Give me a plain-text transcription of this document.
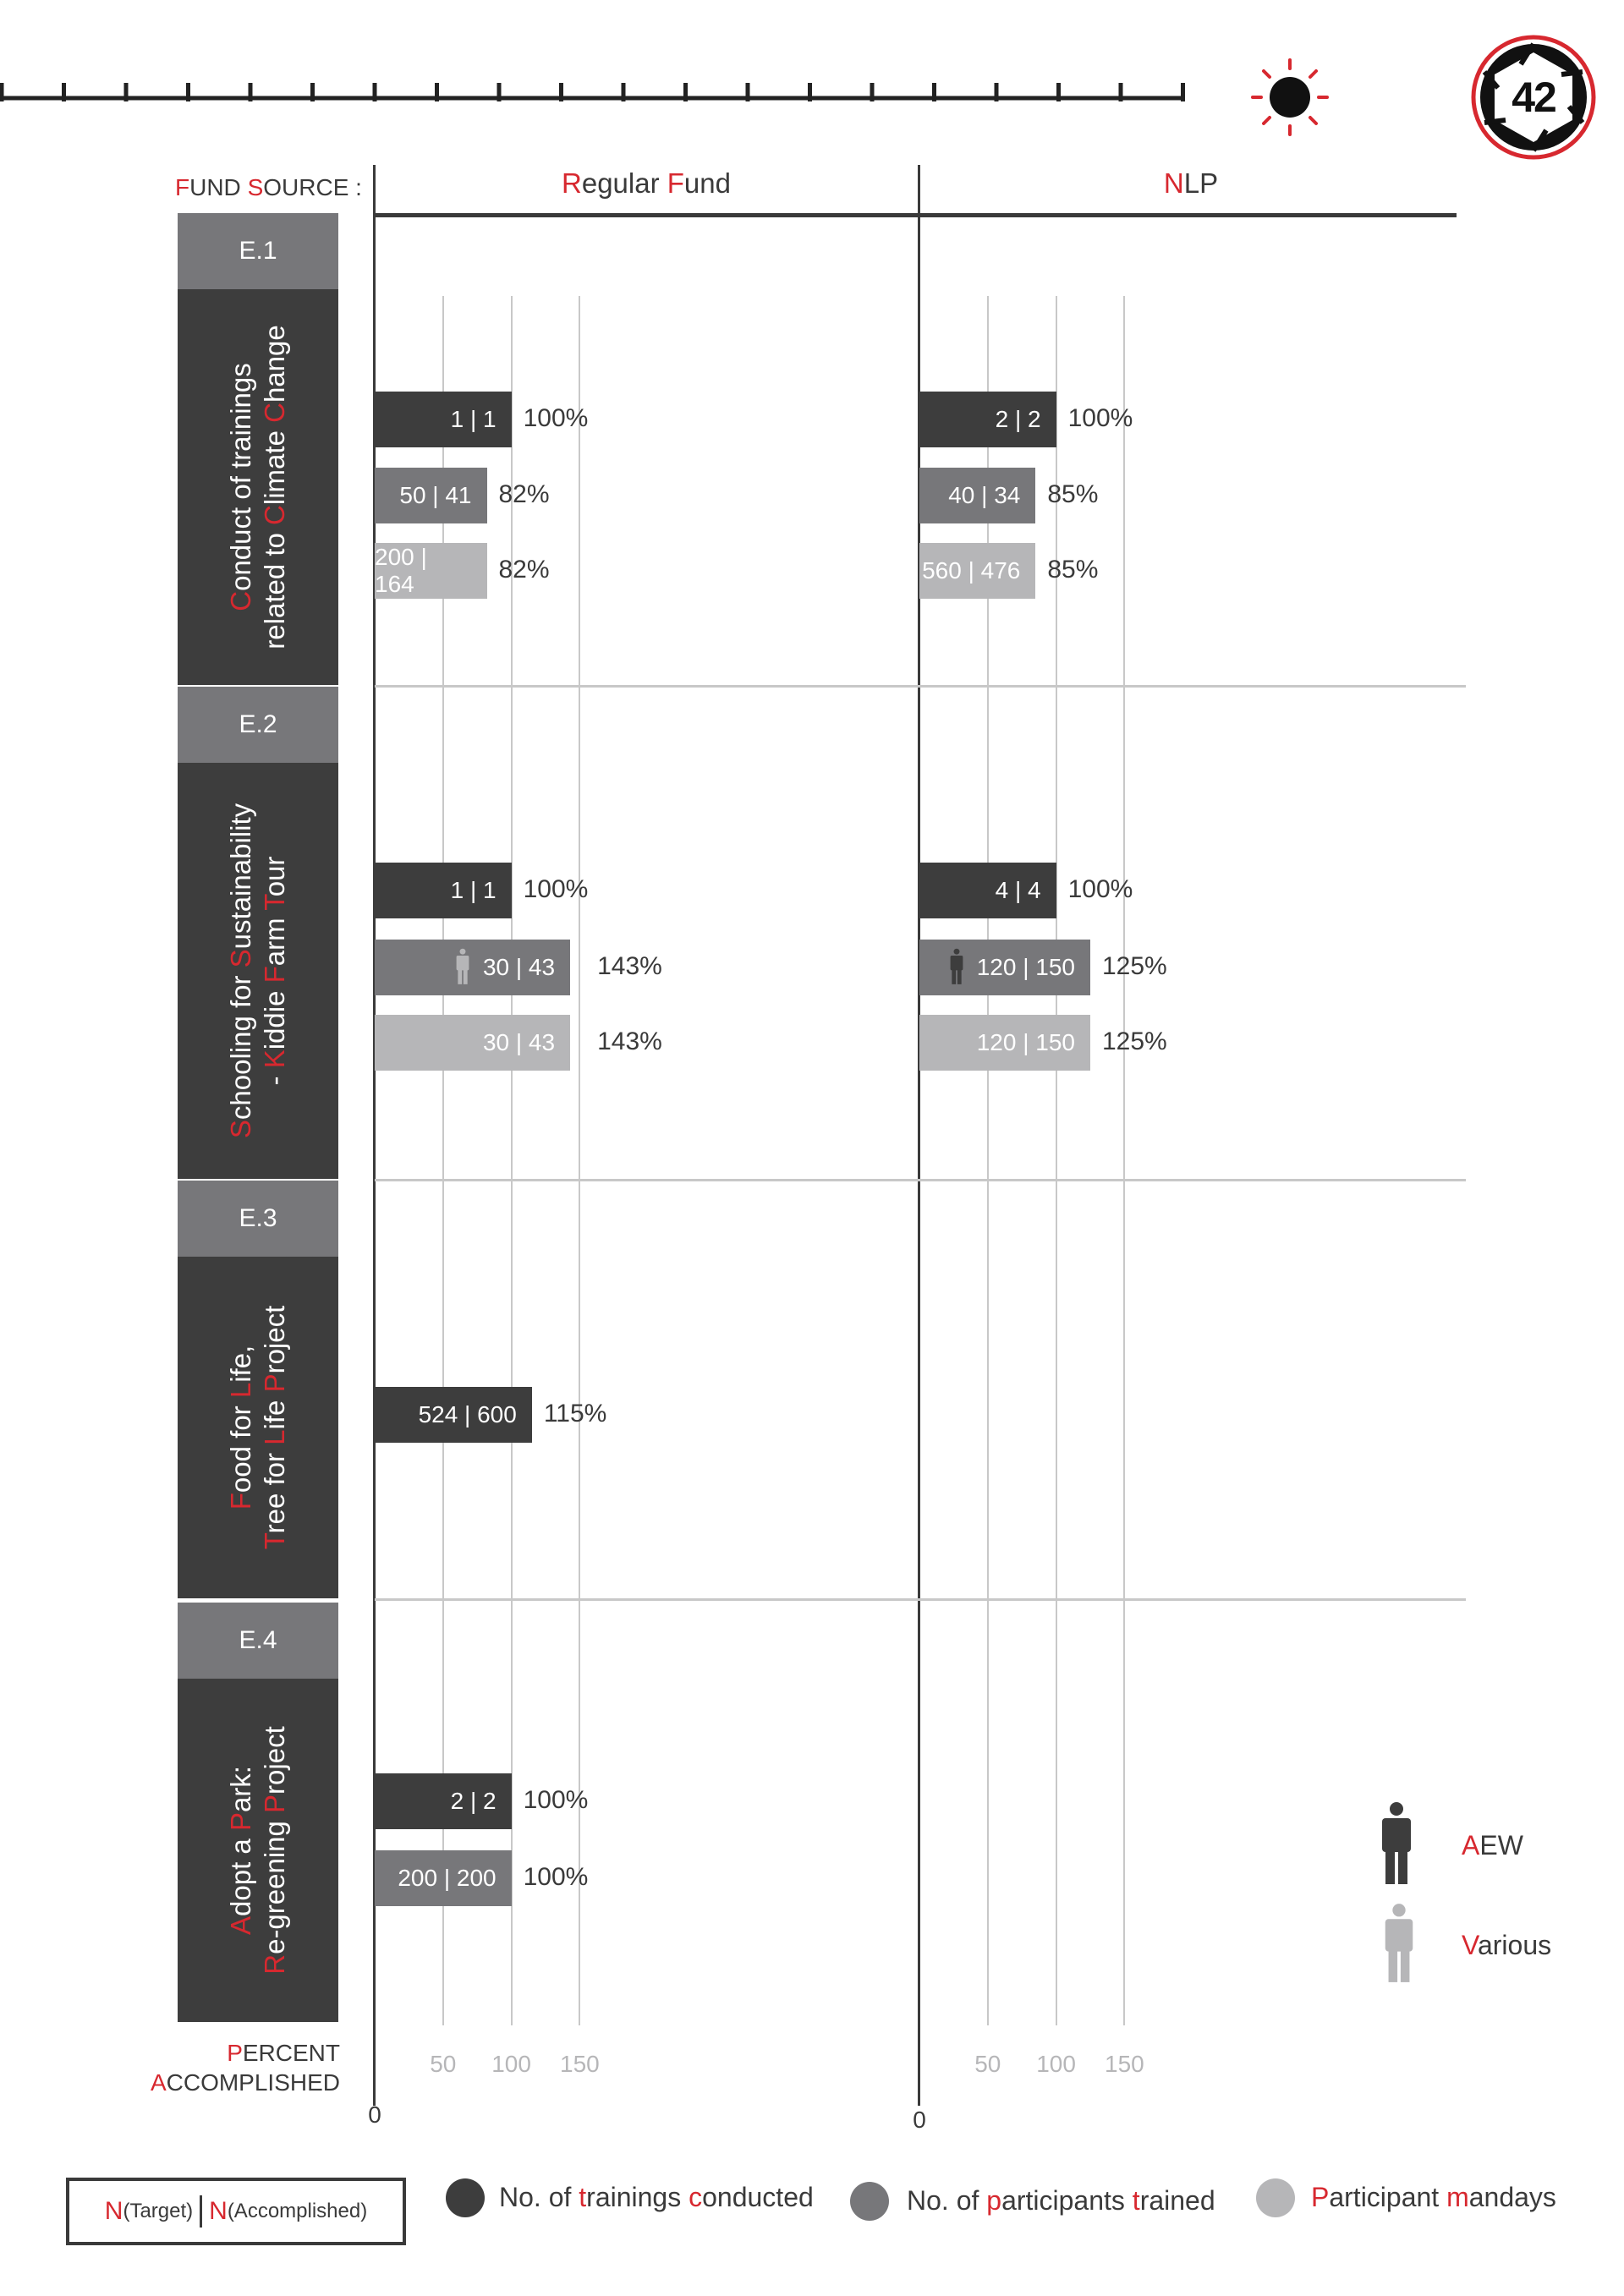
42
FUND SOURCE :	Regular Fund	NLP
50 100 150
0
50 100 150
0
E.1
Conduct of trainings related to Climate Change
E.2
Schooling for Sustainability
- Kiddie Farm Tour
E.3
Food for Life,
Tree for Life Project
E.4
Adopt a Park:
Re-greening Project
PERCENT
ACCOMPLISHED
1 | 1 100%
50 | 41 82%
200 | 164
82%
2 | 2 100%
40 | 34 85%
560 | 476 85%
1 | 1 100%
30 | 43 143%
30 | 43 143%
4 | 4 100%
120 | 150 125%
120 | 150 125%
524 | 600 115%
2 | 2 100%
200 | 200 100%
AEW
Various
N (Target) N (Accomplished)	No. of trainings conducted	No. of participants trained	Participant mandays
